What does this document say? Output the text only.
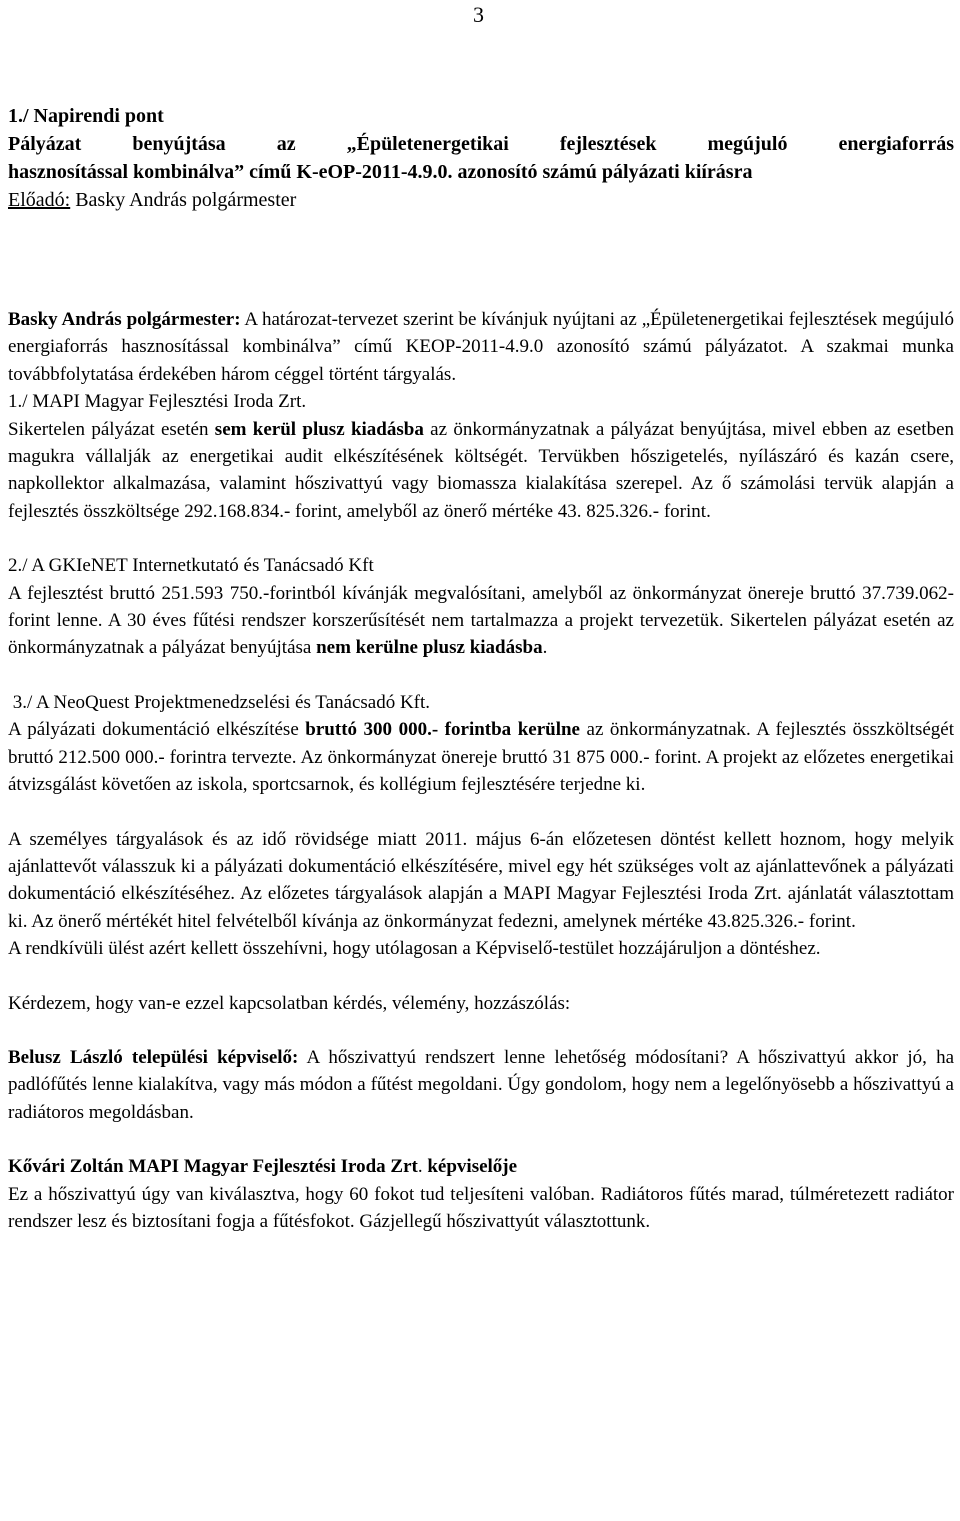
3
1./ Napirendi pont
Pályázat benyújtása az „Épületenergetikai fejlesztések megújuló energiaforrás
hasznosítással kombinálva” című K-eOP-2011-4.9.0. azonosító számú pályázati kiírásra
Előadó: Basky András polgármester

Basky András polgármester: A határozat-tervezet szerint be kívánjuk nyújtani az „Épületenergetikai fejlesztések megújuló energiaforrás hasznosítással kombinálva” című KEOP-2011-4.9.0 azonosító számú pályázatot. A szakmai munka továbbfolytatása érdekében három céggel történt tárgyalás.

1./ MAPI Magyar Fejlesztési Iroda Zrt.

Sikertelen pályázat esetén sem kerül plusz kiadásba az önkormányzatnak a pályázat benyújtása, mivel ebben az esetben magukra vállalják az energetikai audit elkészítésének költségét. Tervükben hőszigetelés, nyílászáró és kazán csere, napkollektor alkalmazása, valamint hőszivattyú vagy biomassza kialakítása szerepel. Az ő számolási tervük alapján a fejlesztés összköltsége 292.168.834.- forint, amelyből az önerő mértéke 43. 825.326.- forint.

2./ A GKIeNET Internetkutató és Tanácsadó Kft

A fejlesztést bruttó 251.593 750.-forintból kívánják megvalósítani, amelyből az önkormányzat önereje bruttó 37.739.062- forint lenne. A 30 éves fűtési rendszer korszerűsítését nem tartalmazza a projekt tervezetük. Sikertelen pályázat esetén az önkormányzatnak a pályázat benyújtása nem kerülne plusz kiadásba.

3./ A NeoQuest Projektmenedzselési és Tanácsadó Kft.

A pályázati dokumentáció elkészítése bruttó 300 000.- forintba kerülne az önkormányzatnak. A fejlesztés összköltségét bruttó 212.500 000.- forintra tervezte. Az önkormányzat önereje bruttó 31 875 000.- forint. A projekt az előzetes energetikai átvizsgálást követően az iskola, sportcsarnok, és kollégium fejlesztésére terjedne ki.

A személyes tárgyalások és az idő rövidsége miatt 2011. május 6-án előzetesen döntést kellett hoznom, hogy melyik ajánlattevőt válasszuk ki a pályázati dokumentáció elkészítésére, mivel egy hét szükséges volt az ajánlattevőnek a pályázati dokumentáció elkészítéséhez. Az előzetes tárgyalások alapján a MAPI Magyar Fejlesztési Iroda Zrt. ajánlatát választottam ki. Az önerő mértékét hitel felvételből kívánja az önkormányzat fedezni, amelynek mértéke 43.825.326.- forint.

A rendkívüli ülést azért kellett összehívni, hogy utólagosan a Képviselő-testület hozzájáruljon a döntéshez.

Kérdezem, hogy van-e ezzel kapcsolatban kérdés, vélemény, hozzászólás:

Belusz László települési képviselő: A hőszivattyú rendszert lenne lehetőség módosítani? A hőszivattyú akkor jó, ha padlófűtés lenne kialakítva, vagy más módon a fűtést megoldani. Úgy gondolom, hogy nem a legelőnyösebb a hőszivattyú a radiátoros megoldásban.

Kővári Zoltán MAPI Magyar Fejlesztési Iroda Zrt. képviselője

Ez a hőszivattyú úgy van kiválasztva, hogy 60 fokot tud teljesíteni valóban. Radiátoros fűtés marad, túlméretezett radiátor rendszer lesz és biztosítani fogja a fűtésfokot. Gázjellegű hőszivattyút választottunk.
